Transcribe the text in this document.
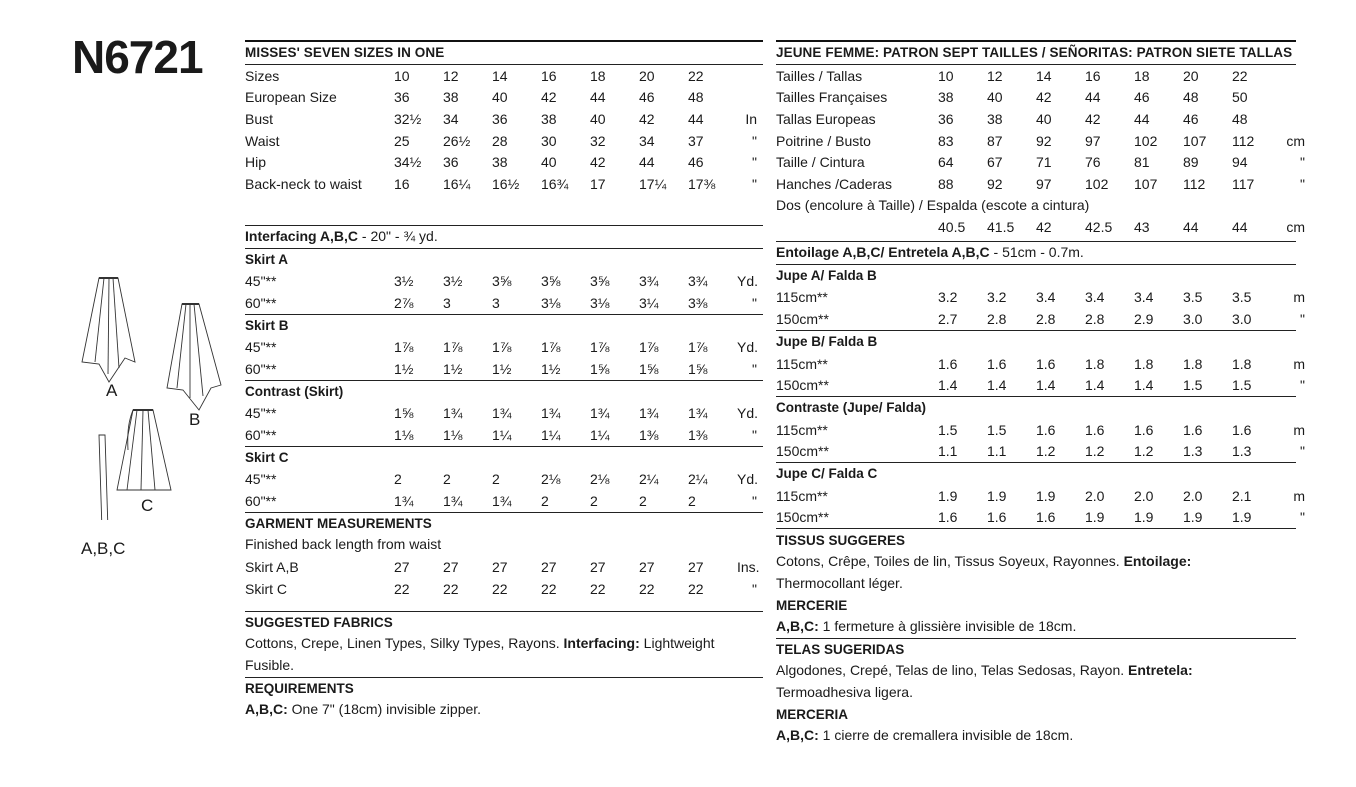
N6721
A
B
C
A,B,C
MISSES' SEVEN SIZES IN ONE
Sizes	10	12	14	16	18	20	22
European Size	36	38	40	42	44	46	48
Bust	32½	34	36	38	40	42	44	In
Waist	25	26½	28	30	32	34	37	"
Hip	34½	36	38	40	42	44	46	"
Back-neck to waist	16	16¼	16½	16¾	17	17¼	17⅜	"
Interfacing A,B,C - 20" - ¾ yd.
Skirt A
45"**	3½	3½	3⅝	3⅝	3⅝	3¾	3¾	Yd.
60"**	2⅞	3	3	3⅛	3⅛	3¼	3⅜	"
Skirt B
45"**	1⅞	1⅞	1⅞	1⅞	1⅞	1⅞	1⅞	Yd.
60"**	1½	1½	1½	1½	1⅝	1⅝	1⅝	"
Contrast (Skirt)
45"**	1⅝	1¾	1¾	1¾	1¾	1¾	1¾	Yd.
60"**	1⅛	1⅛	1¼	1¼	1¼	1⅜	1⅜	"
Skirt C
45"**	2	2	2	2⅛	2⅛	2¼	2¼	Yd.
60"**	1¾	1¾	1¾	2	2	2	2	"
GARMENT MEASUREMENTS
Finished back length from waist
Skirt A,B	27	27	27	27	27	27	27	Ins.
Skirt C	22	22	22	22	22	22	22	"
SUGGESTED FABRICS
Cottons, Crepe, Linen Types, Silky Types, Rayons. Interfacing: Lightweight Fusible.
REQUIREMENTS
A,B,C: One 7" (18cm) invisible zipper.
JEUNE FEMME: PATRON SEPT TAILLES / SEÑORITAS: PATRON SIETE TALLAS
Tailles / Tallas	10	12	14	16	18	20	22
Tailles Françaises	38	40	42	44	46	48	50
Tallas Europeas	36	38	40	42	44	46	48
Poitrine / Busto	83	87	92	97	102	107	112	cm
Taille / Cintura	64	67	71	76	81	89	94	"
Hanches /Caderas	88	92	97	102	107	112	117	"
Dos (encolure à Taille) / Espalda (escote a cintura)
40.5	41.5	42	42.5	43	44	44	cm
Entoilage A,B,C/ Entretela A,B,C - 51cm - 0.7m.
Jupe A/ Falda B
115cm**	3.2	3.2	3.4	3.4	3.4	3.5	3.5	m
150cm**	2.7	2.8	2.8	2.8	2.9	3.0	3.0	"
Jupe B/ Falda B
115cm**	1.6	1.6	1.6	1.8	1.8	1.8	1.8	m
150cm**	1.4	1.4	1.4	1.4	1.4	1.5	1.5	"
Contraste (Jupe/ Falda)
115cm**	1.5	1.5	1.6	1.6	1.6	1.6	1.6	m
150cm**	1.1	1.1	1.2	1.2	1.2	1.3	1.3	"
Jupe C/ Falda C
115cm**	1.9	1.9	1.9	2.0	2.0	2.0	2.1	m
150cm**	1.6	1.6	1.6	1.9	1.9	1.9	1.9	"
TISSUS SUGGERES
Cotons, Crêpe, Toiles de lin, Tissus Soyeux, Rayonnes. Entoilage: Thermocollant léger.
MERCERIE
A,B,C: 1 fermeture à glissière invisible de 18cm.
TELAS SUGERIDAS
Algodones, Crepé, Telas de lino, Telas Sedosas, Rayon. Entretela: Termoadhesiva ligera.
MERCERIA
A,B,C: 1 cierre de cremallera invisible de 18cm.
